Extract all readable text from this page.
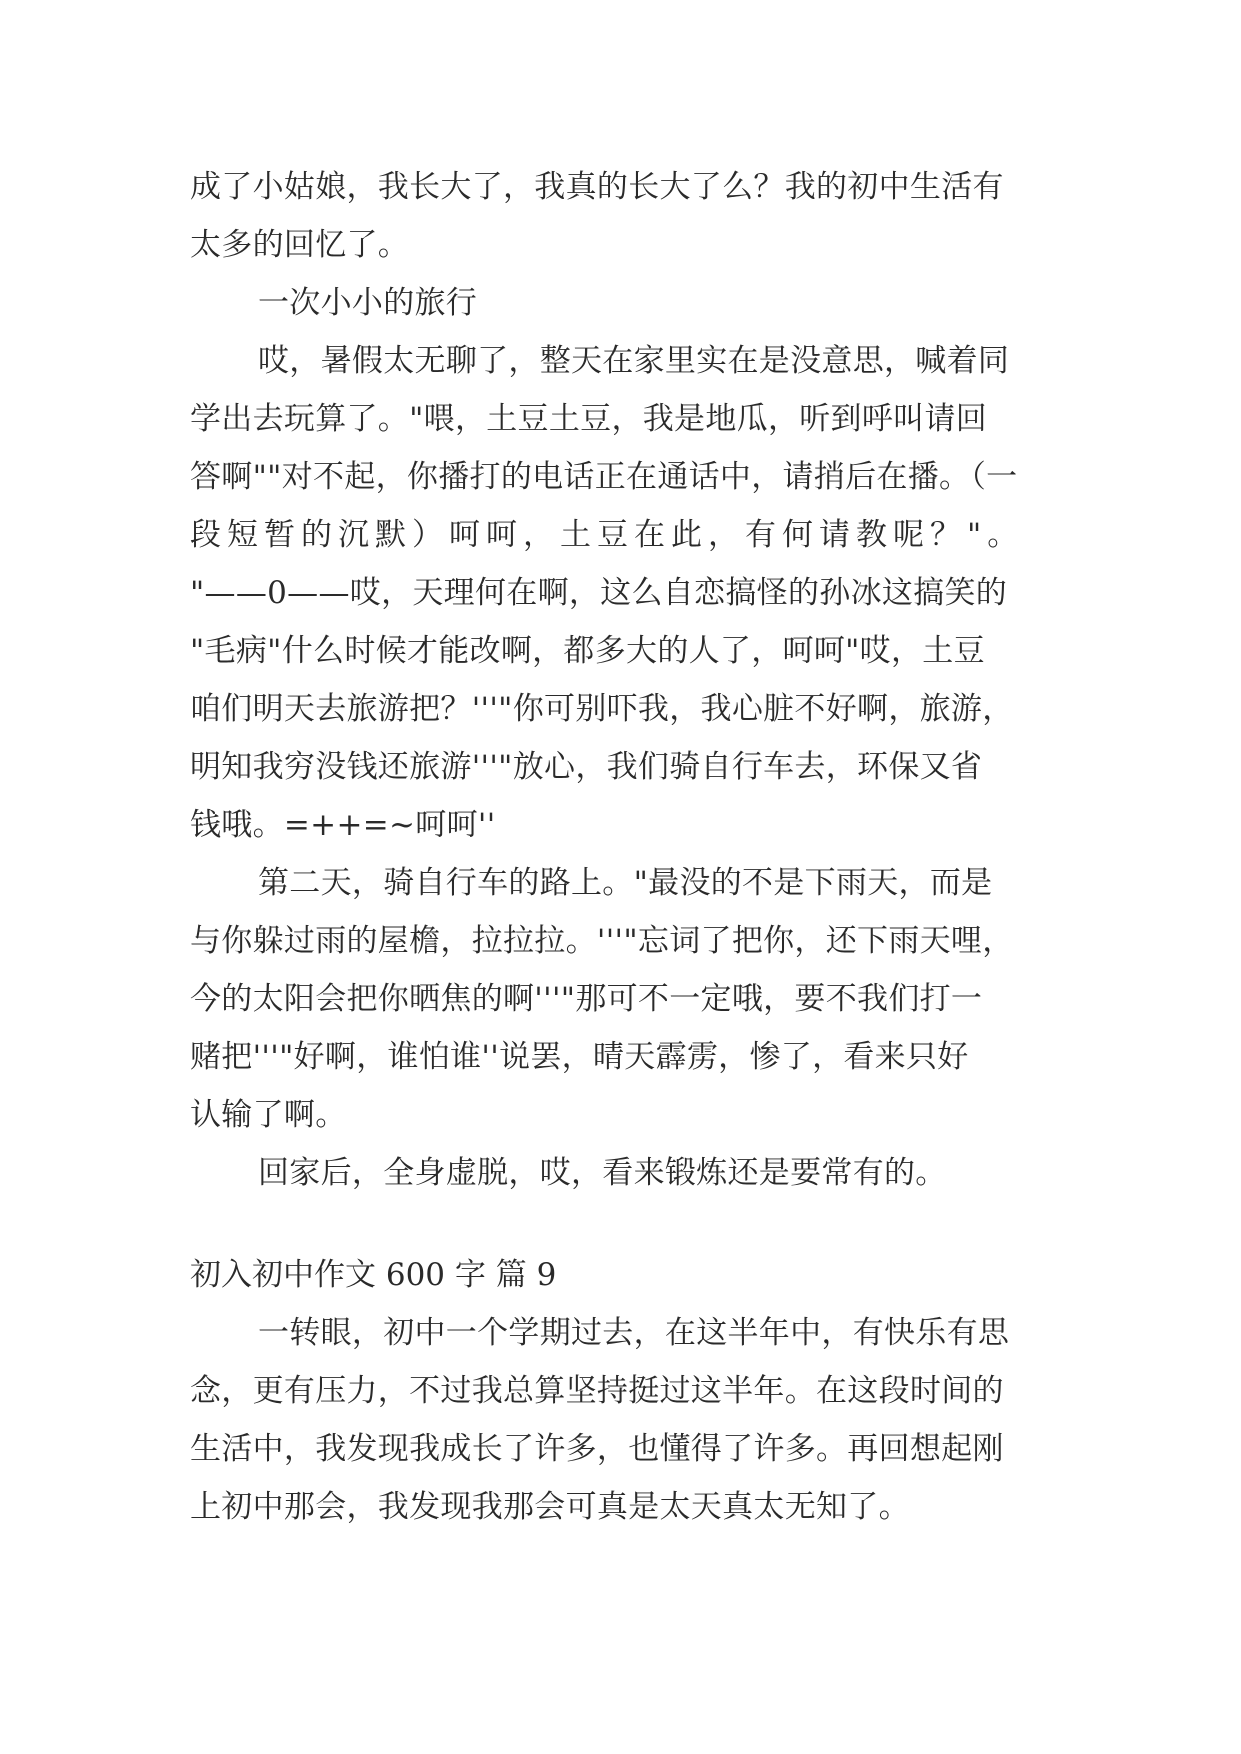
成了小姑娘，我长大了，我真的长大了么？我的初中生活有
太多的回忆了。
一次小小的旅行
哎，暑假太无聊了，整天在家里实在是没意思，喊着同
学出去玩算了。"喂，土豆土豆，我是地瓜，听到呼叫请回
答啊""对不起，你播打的电话正在通话中，请捎后在播。（一
段短暂的沉默）呵呵，土豆在此，有何请教呢？"。
"——0——哎，天理何在啊，这么自恋搞怪的孙冰这搞笑的
"毛病"什么时候才能改啊，都多大的人了，呵呵"哎，土豆
咱们明天去旅游把？'''"你可别吓我，我心脏不好啊，旅游，
明知我穷没钱还旅游'''"放心，我们骑自行车去，环保又省
钱哦。=++=~呵呵''
第二天，骑自行车的路上。"最没的不是下雨天，而是
与你躲过雨的屋檐，拉拉拉。'''"忘词了把你，还下雨天哩，
今的太阳会把你晒焦的啊'''"那可不一定哦，要不我们打一
赌把'''"好啊，谁怕谁''说罢，晴天霹雳，惨了，看来只好
认输了啊。
回家后，全身虚脱，哎，看来锻炼还是要常有的。
初入初中作文 600 字 篇 9
一转眼，初中一个学期过去，在这半年中，有快乐有思
念，更有压力，不过我总算坚持挺过这半年。在这段时间的
生活中，我发现我成长了许多，也懂得了许多。再回想起刚
上初中那会，我发现我那会可真是太天真太无知了。
